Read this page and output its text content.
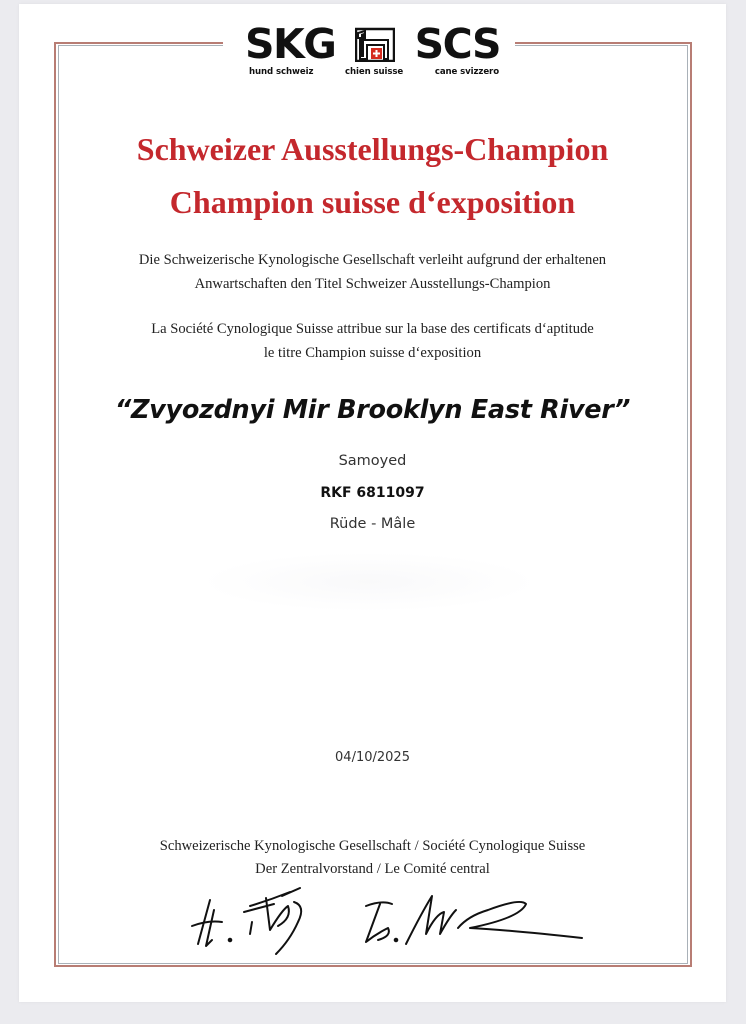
SKG SCS
hund schweiz	chien suisse	cane svizzero
Schweizer Ausstellungs-Champion
Champion suisse d‘exposition
Die Schweizerische Kynologische Gesellschaft verleiht aufgrund der erhaltenen
Anwartschaften den Titel Schweizer Ausstellungs-Champion
La Société Cynologique Suisse attribue sur la base des certificats d‘aptitude
le titre Champion suisse d‘exposition
“Zvyozdnyi Mir Brooklyn East River”
Samoyed
RKF 6811097
Rüde - Mâle
04/10/2025
Schweizerische Kynologische Gesellschaft / Société Cynologique Suisse
Der Zentralvorstand / Le Comité central
